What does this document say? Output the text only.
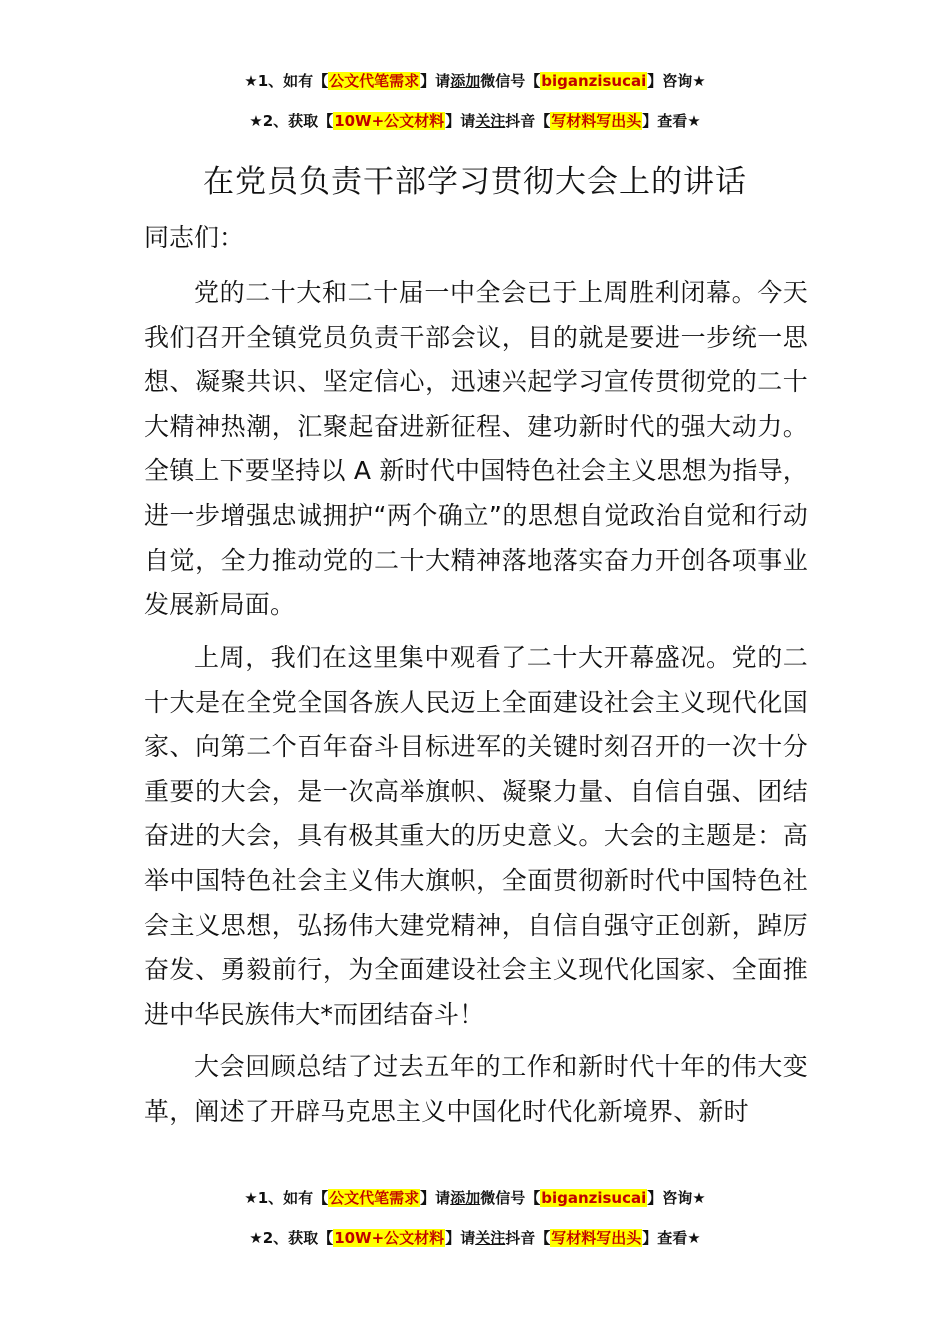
★1、如有【公文代笔需求】请添加微信号【biganzisucai】咨询★
★2、获取【10W+公文材料】请关注抖音【写材料写出头】查看★
在党员负责干部学习贯彻大会上的讲话
同志们：

党的二十大和二十届一中全会已于上周胜利闭幕。今天我们召开全镇党员负责干部会议，目的就是要进一步统一思想、凝聚共识、坚定信心，迅速兴起学习宣传贯彻党的二十大精神热潮，汇聚起奋进新征程、建功新时代的强大动力。全镇上下要坚持以 A 新时代中国特色社会主义思想为指导，进一步增强忠诚拥护“两个确立”的思想自觉政治自觉和行动自觉，全力推动党的二十大精神落地落实奋力开创各项事业发展新局面。

上周，我们在这里集中观看了二十大开幕盛况。党的二十大是在全党全国各族人民迈上全面建设社会主义现代化国家、向第二个百年奋斗目标进军的关键时刻召开的一次十分重要的大会，是一次高举旗帜、凝聚力量、自信自强、团结奋进的大会，具有极其重大的历史意义。大会的主题是：高举中国特色社会主义伟大旗帜，全面贯彻新时代中国特色社会主义思想，弘扬伟大建党精神，自信自强守正创新，踔厉奋发、勇毅前行，为全面建设社会主义现代化国家、全面推进中华民族伟大*而团结奋斗！

大会回顾总结了过去五年的工作和新时代十年的伟大变革，阐述了开辟马克思主义中国化时代化新境界、新时

★1、如有【公文代笔需求】请添加微信号【biganzisucai】咨询★
★2、获取【10W+公文材料】请关注抖音【写材料写出头】查看★
